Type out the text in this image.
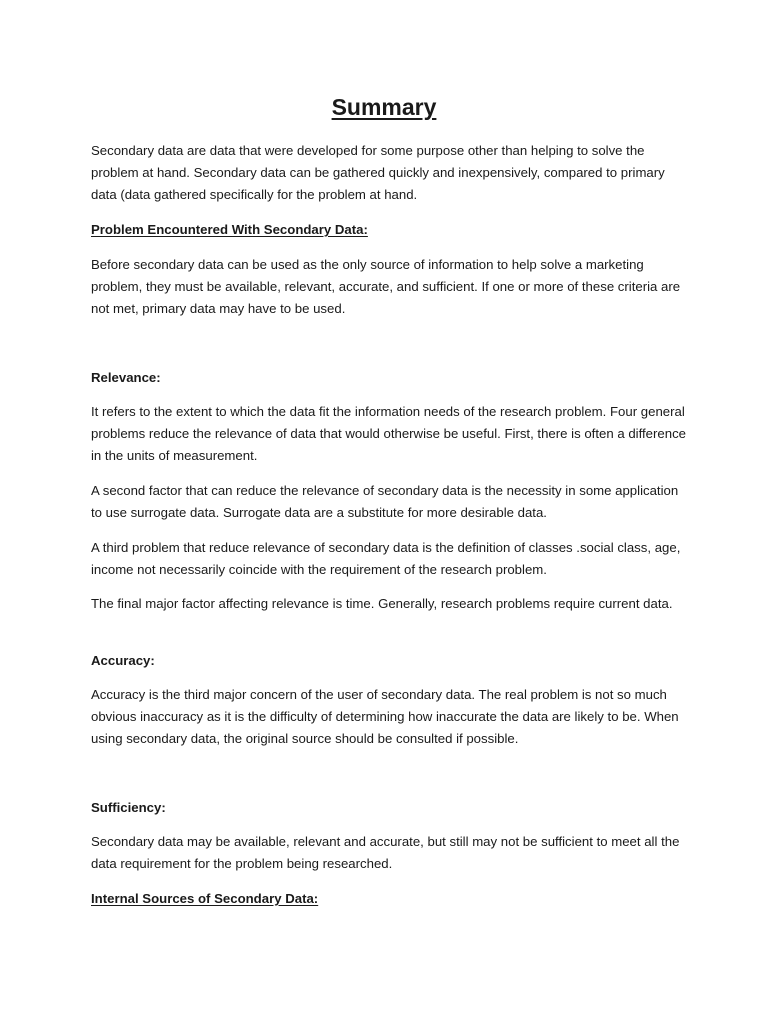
Summary

Secondary data are data that were developed for some purpose other than helping to solve the problem at hand. Secondary data can be gathered quickly and inexpensively, compared to primary data (data gathered specifically for the problem at hand.

Problem Encountered With Secondary Data:

Before secondary data can be used as the only source of information to help solve a marketing problem, they must be available, relevant, accurate, and sufficient. If one or more of these criteria are not met, primary data may have to be used.

Relevance:

It refers to the extent to which the data fit the information needs of the research problem. Four general problems reduce the relevance of data that would otherwise be useful. First, there is often a difference in the units of measurement.

A second factor that can reduce the relevance of secondary data is the necessity in some application to use surrogate data. Surrogate data are a substitute for more desirable data.

A third problem that reduce relevance of secondary data is the definition of classes .social class, age, income not necessarily coincide with the requirement of the research problem.

The final major factor affecting relevance is time. Generally, research problems require current data.

Accuracy:

Accuracy is the third major concern of the user of secondary data. The real problem is not so much obvious inaccuracy as it is the difficulty of determining how inaccurate the data are likely to be. When using secondary data, the original source should be consulted if possible.

Sufficiency:

Secondary data may be available, relevant and accurate, but still may not be sufficient to meet all the data requirement for the problem being researched.

Internal Sources of Secondary Data:
